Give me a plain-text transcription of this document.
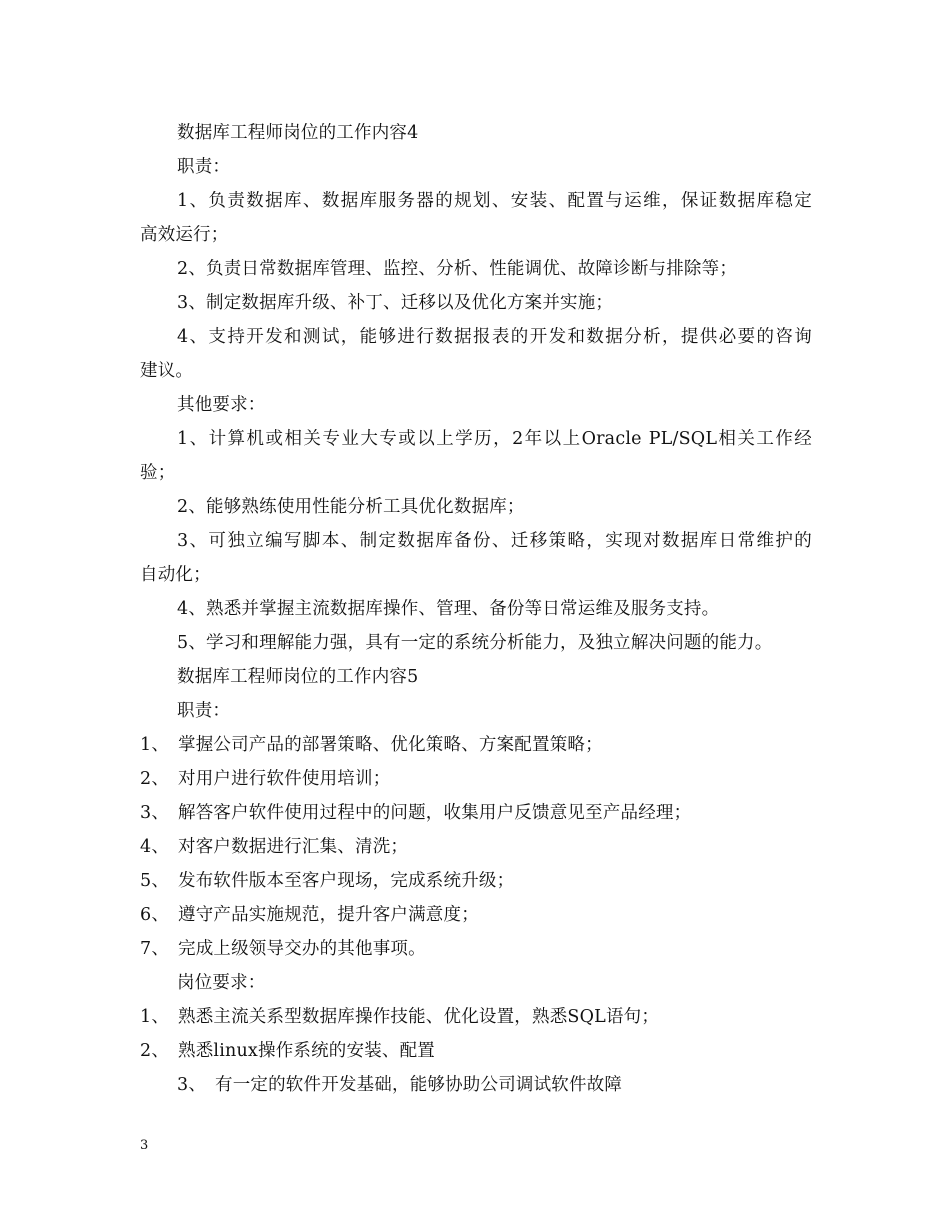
数据库工程师岗位的工作内容4
职责：
1、负责数据库、数据库服务器的规划、安装、配置与运维，保证数据库稳定
高效运行；
2、负责日常数据库管理、监控、分析、性能调优、故障诊断与排除等；
3、制定数据库升级、补丁、迁移以及优化方案并实施；
4、支持开发和测试，能够进行数据报表的开发和数据分析，提供必要的咨询
建议。
其他要求：
1、计算机或相关专业大专或以上学历，2年以上Oracle PL/SQL相关工作经
验；
2、能够熟练使用性能分析工具优化数据库；
3、可独立编写脚本、制定数据库备份、迁移策略，实现对数据库日常维护的
自动化；
4、熟悉并掌握主流数据库操作、管理、备份等日常运维及服务支持。
5、学习和理解能力强，具有一定的系统分析能力，及独立解决问题的能力。
数据库工程师岗位的工作内容5
职责：
1、 掌握公司产品的部署策略、优化策略、方案配置策略；
2、 对用户进行软件使用培训；
3、 解答客户软件使用过程中的问题，收集用户反馈意见至产品经理；
4、 对客户数据进行汇集、清洗；
5、 发布软件版本至客户现场，完成系统升级；
6、 遵守产品实施规范，提升客户满意度；
7、 完成上级领导交办的其他事项。
岗位要求：
1、 熟悉主流关系型数据库操作技能、优化设置，熟悉SQL语句；
2、 熟悉linux操作系统的安装、配置
3、 有一定的软件开发基础，能够协助公司调试软件故障
3
